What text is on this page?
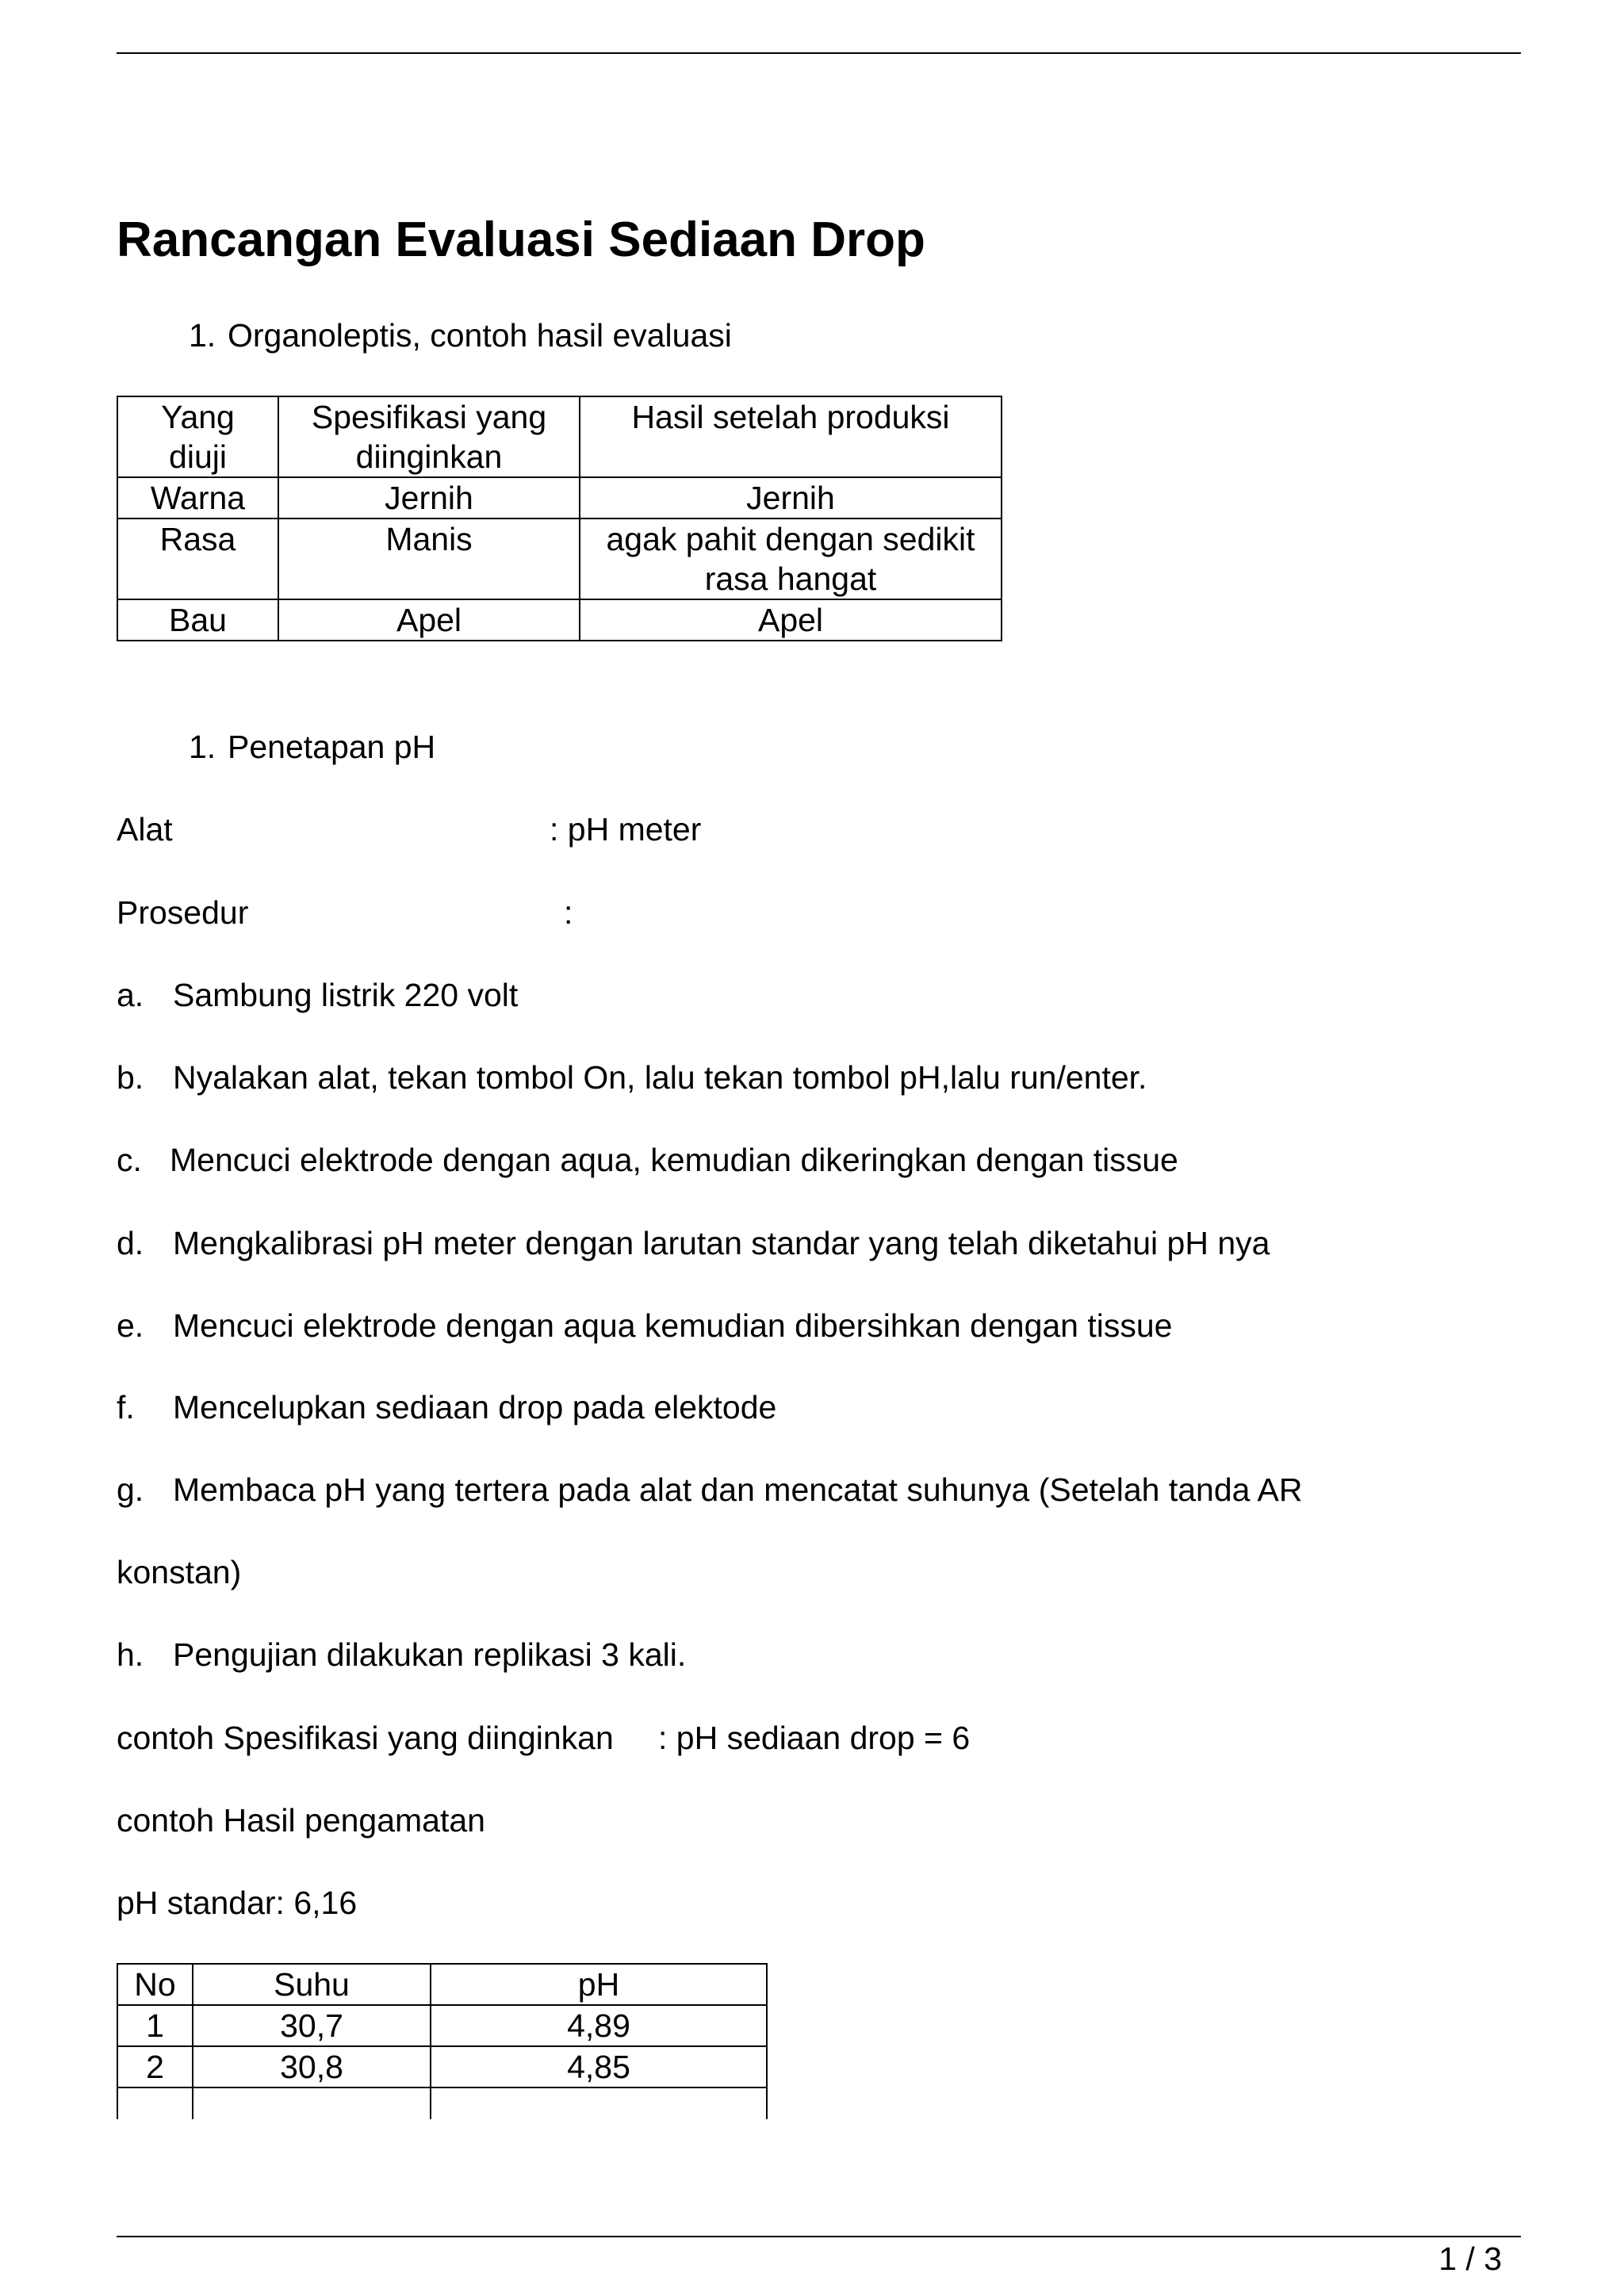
Rancangan Evaluasi Sediaan Drop
1. Organoleptis, contoh hasil evaluasi
Yang diuji	Spesifikasi yang diinginkan	Hasil setelah produksi
Warna	Jernih	Jernih
Rasa	Manis	agak pahit dengan sedikit rasa hangat
Bau	Apel	Apel
1. Penetapan pH
Alat	: pH meter
Prosedur	:
a. Sambung listrik 220 volt
b. Nyalakan alat, tekan tombol On, lalu tekan tombol pH,lalu run/enter.
c. Mencuci elektrode dengan aqua, kemudian dikeringkan dengan tissue
d. Mengkalibrasi pH meter dengan larutan standar yang telah diketahui pH nya
e. Mencuci elektrode dengan aqua kemudian dibersihkan dengan tissue
f. Mencelupkan sediaan drop pada elektode
g. Membaca pH yang tertera pada alat dan mencatat suhunya (Setelah tanda AR
konstan)
h. Pengujian dilakukan replikasi 3 kali.
contoh Spesifikasi yang diinginkan : pH sediaan drop = 6
contoh Hasil pengamatan
pH standar: 6,16
No	Suhu	pH
1	30,7	4,89
2	30,8	4,85

1 / 3
